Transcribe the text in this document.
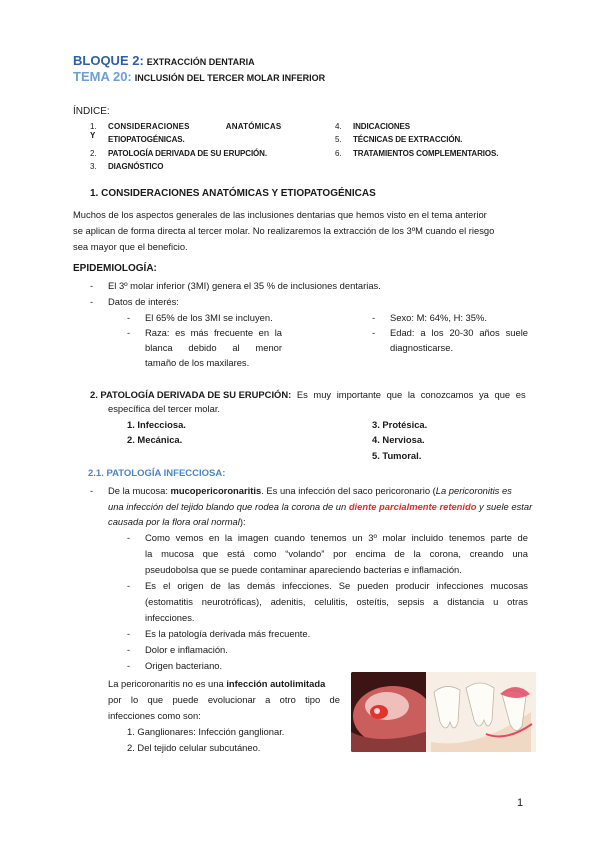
BLOQUE 2: EXTRACCIÓN DENTARIA
TEMA 20: INCLUSIÓN DEL TERCER MOLAR INFERIOR
ÍNDICE:
1. CONSIDERACIONES ANATÓMICAS Y	ETIOPATOGÉNICAS.
2. PATOLOGÍA DERIVADA DE SU ERUPCIÓN.
3. DIAGNÓSTICO
4. INDICACIONES
5. TÉCNICAS DE EXTRACCIÓN.
6. TRATAMIENTOS COMPLEMENTARIOS.
1. CONSIDERACIONES ANATÓMICAS Y ETIOPATOGÉNICAS
Muchos de los aspectos generales de las inclusiones dentarias que hemos visto en el tema anterior
se aplican de forma directa al tercer molar. No realizaremos la extracción de los 3ºM cuando el riesgo
sea mayor que el beneficio.
EPIDEMIOLOGÍA:
- El 3º molar inferior (3MI) genera el 35 % de inclusiones dentarias.
- Datos de interés:
- El 65% de los 3MI se incluyen.
- Raza: es más frecuente en la
blanca debido al menor
tamaño de los maxilares.
- Sexo: M: 64%, H: 35%.
- Edad: a los 20-30 años suele
diagnosticarse.
2. PATOLOGÍA DERIVADA DE SU ERUPCIÓN: Es muy importante que la conozcamos ya que es
específica del tercer molar.
1. Infecciosa.
2. Mecánica.
3. Protésica.
4. Nerviosa.
5. Tumoral.
2.1. PATOLOGÍA INFECCIOSA:
- De la mucosa: mucopericoronaritis. Es una infección del saco pericoronario (La pericoronitis es
una infección del tejido blando que rodea la corona de un diente parcialmente retenido y suele estar
causada por la flora oral normal):
- Como vemos en la imagen cuando tenemos un 3º molar incluido tenemos parte de
la mucosa que está como “volando” por encima de la corona, creando una
pseudobolsa que se puede contaminar apareciendo bacterias e inflamación.
- Es el origen de las demás infecciones. Se pueden producir infecciones mucosas
(estomatitis neurotróficas), adenitis, celulitis, osteítis, sepsis a distancia u otras
infecciones.
- Es la patología derivada más frecuente.
- Dolor e inflamación.
- Origen bacteriano.
La pericoronaritis no es una infección autolimitada
por lo que puede evolucionar a otro tipo de
infecciones como son:
1. Ganglionares: Infección ganglionar.
2. Del tejido celular subcutáneo.
1
